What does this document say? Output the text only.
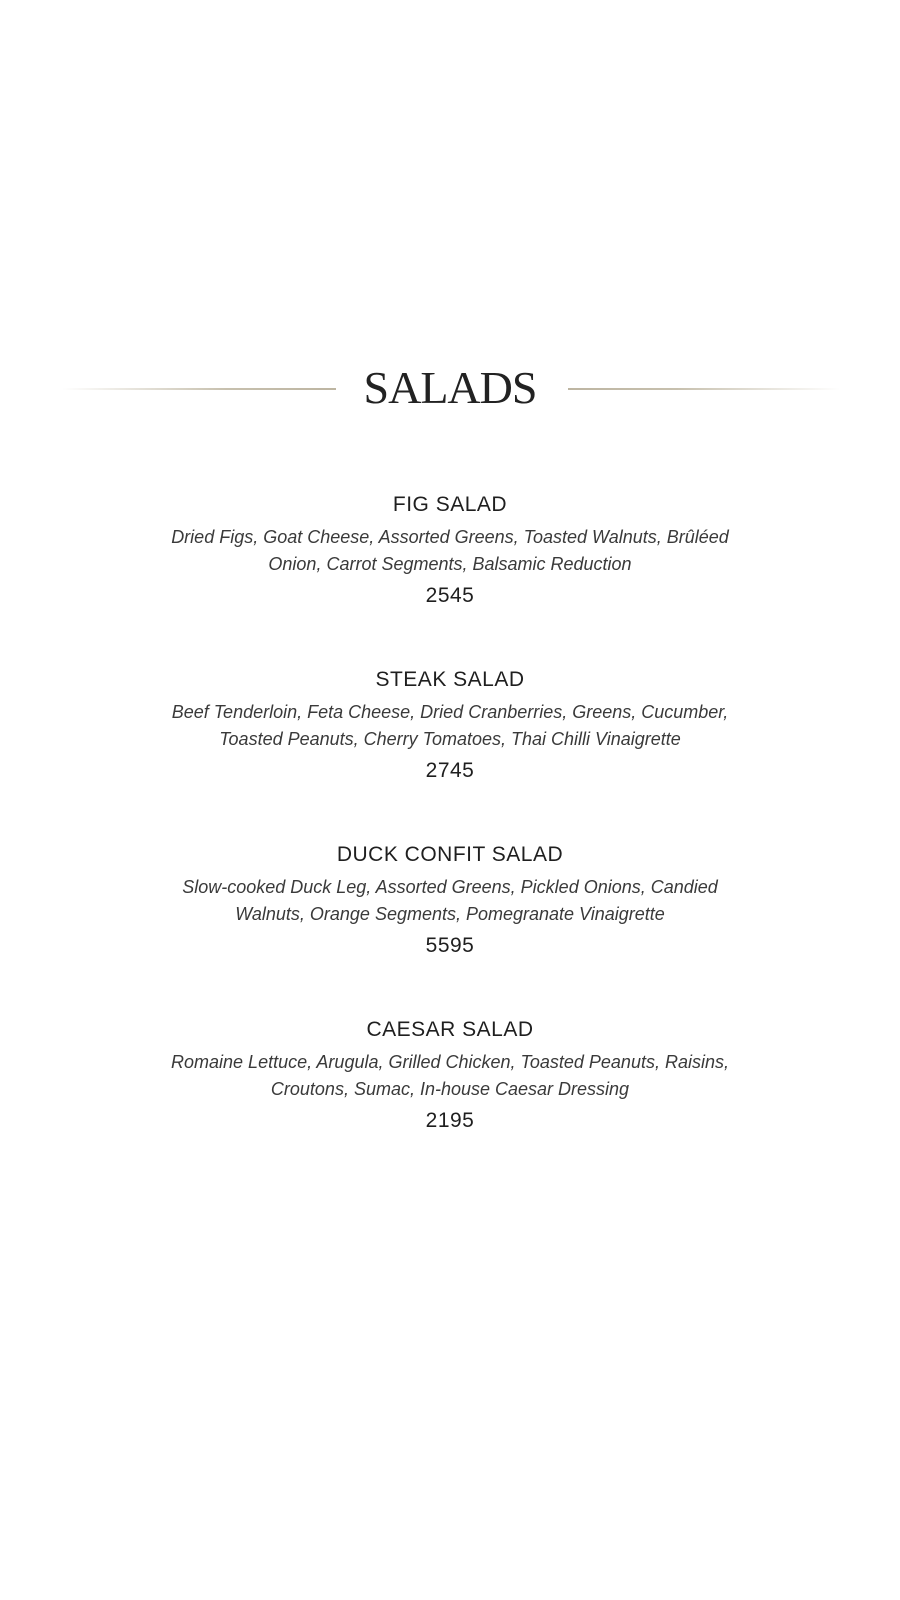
SALADS
FIG SALAD

Dried Figs, Goat Cheese, Assorted Greens, Toasted Walnuts, Brûléed Onion, Carrot Segments, Balsamic Reduction

2545

STEAK SALAD

Beef Tenderloin, Feta Cheese, Dried Cranberries, Greens, Cucumber, Toasted Peanuts, Cherry Tomatoes, Thai Chilli Vinaigrette

2745

DUCK CONFIT SALAD

Slow-cooked Duck Leg, Assorted Greens, Pickled Onions, Candied Walnuts, Orange Segments, Pomegranate Vinaigrette

5595

CAESAR SALAD

Romaine Lettuce, Arugula, Grilled Chicken, Toasted Peanuts, Raisins, Croutons, Sumac, In-house Caesar Dressing

2195
